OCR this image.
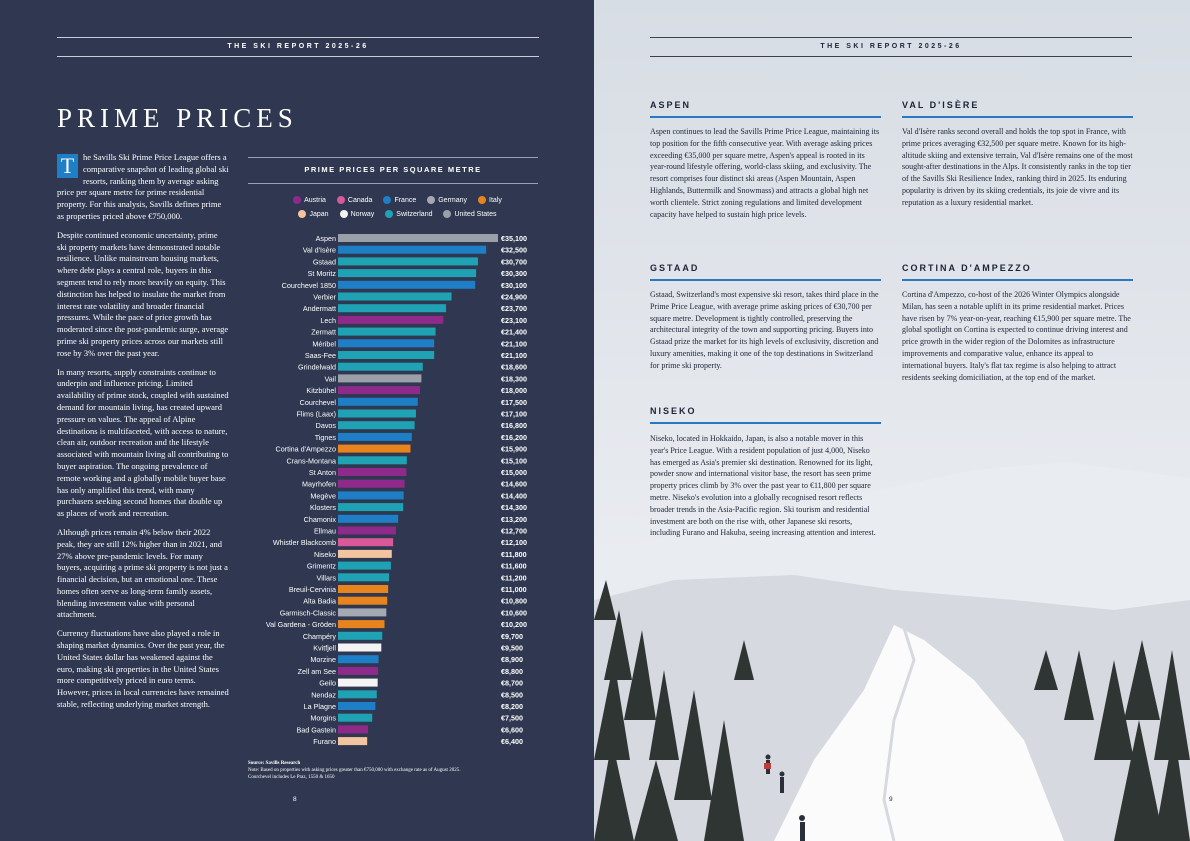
THE SKI REPORT 2025-26
PRIME PRICES

T	he Savills Ski Prime Price League offers a comparative snapshot of leading global ski resorts, ranking them by average asking price per square metre for prime residential property. For this analysis, Savills defines prime as properties priced above €750,000.

Despite continued economic uncertainty, prime ski property markets have demonstrated notable resilience. Unlike mainstream housing markets, where debt plays a central role, buyers in this segment tend to rely more heavily on equity. This distinction has helped to insulate the market from interest rate volatility and broader financial pressures. While the pace of price growth has moderated since the post-pandemic surge, average prime ski property prices across our markets still rose by 3% over the past year.

In many resorts, supply constraints continue to underpin and influence pricing. Limited availability of prime stock, coupled with sustained demand for mountain living, has created upward pressure on values. The appeal of Alpine destinations is multifaceted, with access to nature, clean air, outdoor recreation and the lifestyle associated with mountain living all contributing to buyer aspiration. The ongoing prevalence of remote working and a globally mobile buyer base has only amplified this trend, with many purchasers seeking second homes that double up as places of work and recreation.

Although prices remain 4% below their 2022 peak, they are still 12% higher than in 2021, and 27% above pre-pandemic levels. For many buyers, acquiring a prime ski property is not just a financial decision, but an emotional one. These homes often serve as long-term family assets, blending investment value with personal attachment.

Currency fluctuations have also played a role in shaping market dynamics. Over the past year, the United States dollar has weakened against the euro, making ski properties in the United States more competitively priced in euro terms. However, prices in local currencies have remained stable, reflecting underlying market strength.

PRIME PRICES PER SQUARE METRE
Austria	Canada	France	Germany	Italy
Japan	Norway	Switzerland	United States
Aspen	€35,100
Val d'Isère	€32,500
Gstaad	€30,700
St Moritz	€30,300
Courchevel 1850	€30,100
Verbier	€24,900
Andermatt	€23,700
Lech	€23,100
Zermatt	€21,400
Méribel	€21,100
Saas-Fee	€21,100
Grindelwald	€18,600
Vail	€18,300
Kitzbühel	€18,000
Courchevel	€17,500
Flims (Laax)	€17,100
Davos	€16,800
Tignes	€16,200
Cortina d'Ampezzo	€15,900
Crans-Montana	€15,100
St Anton	€15,000
Mayrhofen	€14,600
Megève	€14,400
Klosters	€14,300
Chamonix	€13,200
Ellmau	€12,700
Whistler Blackcomb	€12,100
Niseko	€11,800
Grimentz	€11,600
Villars	€11,200
Breuil-Cervinia	€11,000
Alta Badia	€10,800
Garmisch-Classic	€10,600
Val Gardena - Gröden	€10,200
Champéry	€9,700
Kvitfjell	€9,500
Morzine	€8,900
Zell am See	€8,800
Geilo	€8,700
Nendaz	€8,500
La Plagne	€8,200
Morgins	€7,500
Bad Gastein	€6,600
Furano	€6,400
Source: Savills Research
Note: Based on properties with asking prices greater than €750,000 with exchange rate as of August 2025.
Courchevel includes Le Praz, 1550 & 1650
8
THE SKI REPORT 2025-26
ASPEN
Aspen continues to lead the Savills Prime Price League, maintaining its top position for the fifth consecutive year. With average asking prices exceeding €35,000 per square metre, Aspen's appeal is rooted in its year-round lifestyle offering, world-class skiing, and exclusivity. The resort comprises four distinct ski areas (Aspen Mountain, Aspen Highlands, Buttermilk and Snowmass) and attracts a global high net worth clientele. Strict zoning regulations and limited development capacity have helped to sustain high price levels.
GSTAAD
Gstaad, Switzerland's most expensive ski resort, takes third place in the Prime Price League, with average prime asking prices of €30,700 per square metre. Development is tightly controlled, preserving the architectural integrity of the town and supporting pricing. Buyers into Gstaad prize the market for its high levels of exclusivity, discretion and luxury amenities, making it one of the top destinations in Switzerland for prime ski property.
NISEKO
Niseko, located in Hokkaido, Japan, is also a notable mover in this year's Price League. With a resident population of just 4,000, Niseko has emerged as Asia's premier ski destination. Renowned for its light, powder snow and international visitor base, the resort has seen prime property prices climb by 3% over the past year to €11,800 per square metre. Niseko's evolution into a globally recognised resort reflects broader trends in the Asia-Pacific region. Ski tourism and residential investment are both on the rise with, other Japanese ski resorts, including Furano and Hakuba, seeing increasing attention and interest.
VAL D'ISÈRE
Val d'Isère ranks second overall and holds the top spot in France, with prime prices averaging €32,500 per square metre. Known for its high-altitude skiing and extensive terrain, Val d'Isère remains one of the most sought-after destinations in the Alps. It consistently ranks in the top tier of the Savills Ski Resilience Index, ranking third in 2025. Its enduring popularity is driven by its skiing credentials, its joie de vivre and its reputation as a luxury residential market.
CORTINA D'AMPEZZO
Cortina d'Ampezzo, co-host of the 2026 Winter Olympics alongside Milan, has seen a notable uplift in its prime residential market. Prices have risen by 7% year-on-year, reaching €15,900 per square metre. The global spotlight on Cortina is expected to continue driving interest and price growth in the wider region of the Dolomites as infrastructure improvements and comparative value, enhance its appeal to international buyers. Italy's flat tax regime is also helping to attract residents seeking domiciliation, at the top end of the market.
9
